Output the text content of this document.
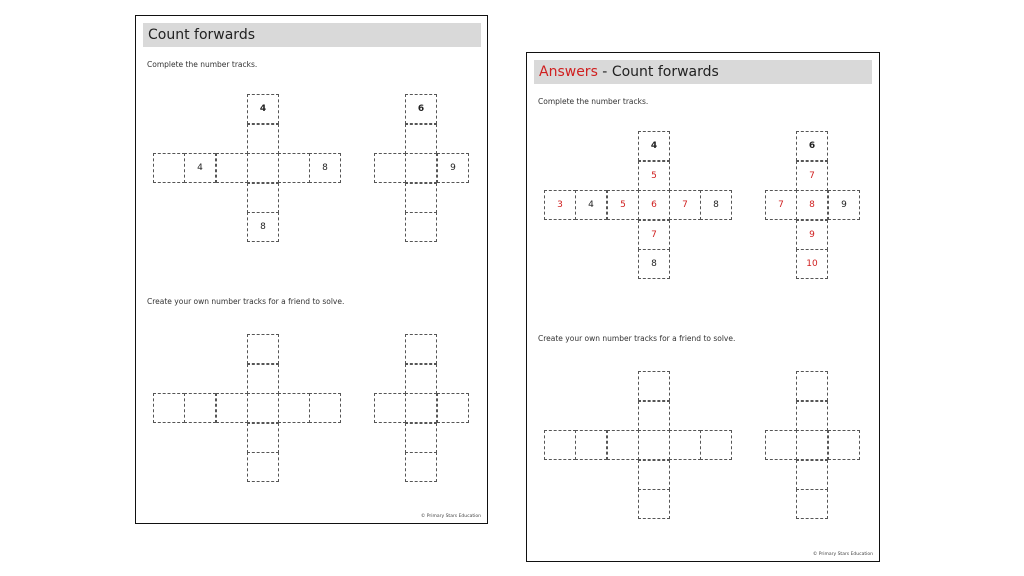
Count forwards
Complete the number tracks.
4
4	8
8
6
9
Create your own number tracks for a friend to solve.
© Primary Stars Education
Answers - Count forwards
Complete the number tracks.
4
5
3	4	5	6	7	8
7
8
6
7
7	8	9
9
10
Create your own number tracks for a friend to solve.
© Primary Stars Education
